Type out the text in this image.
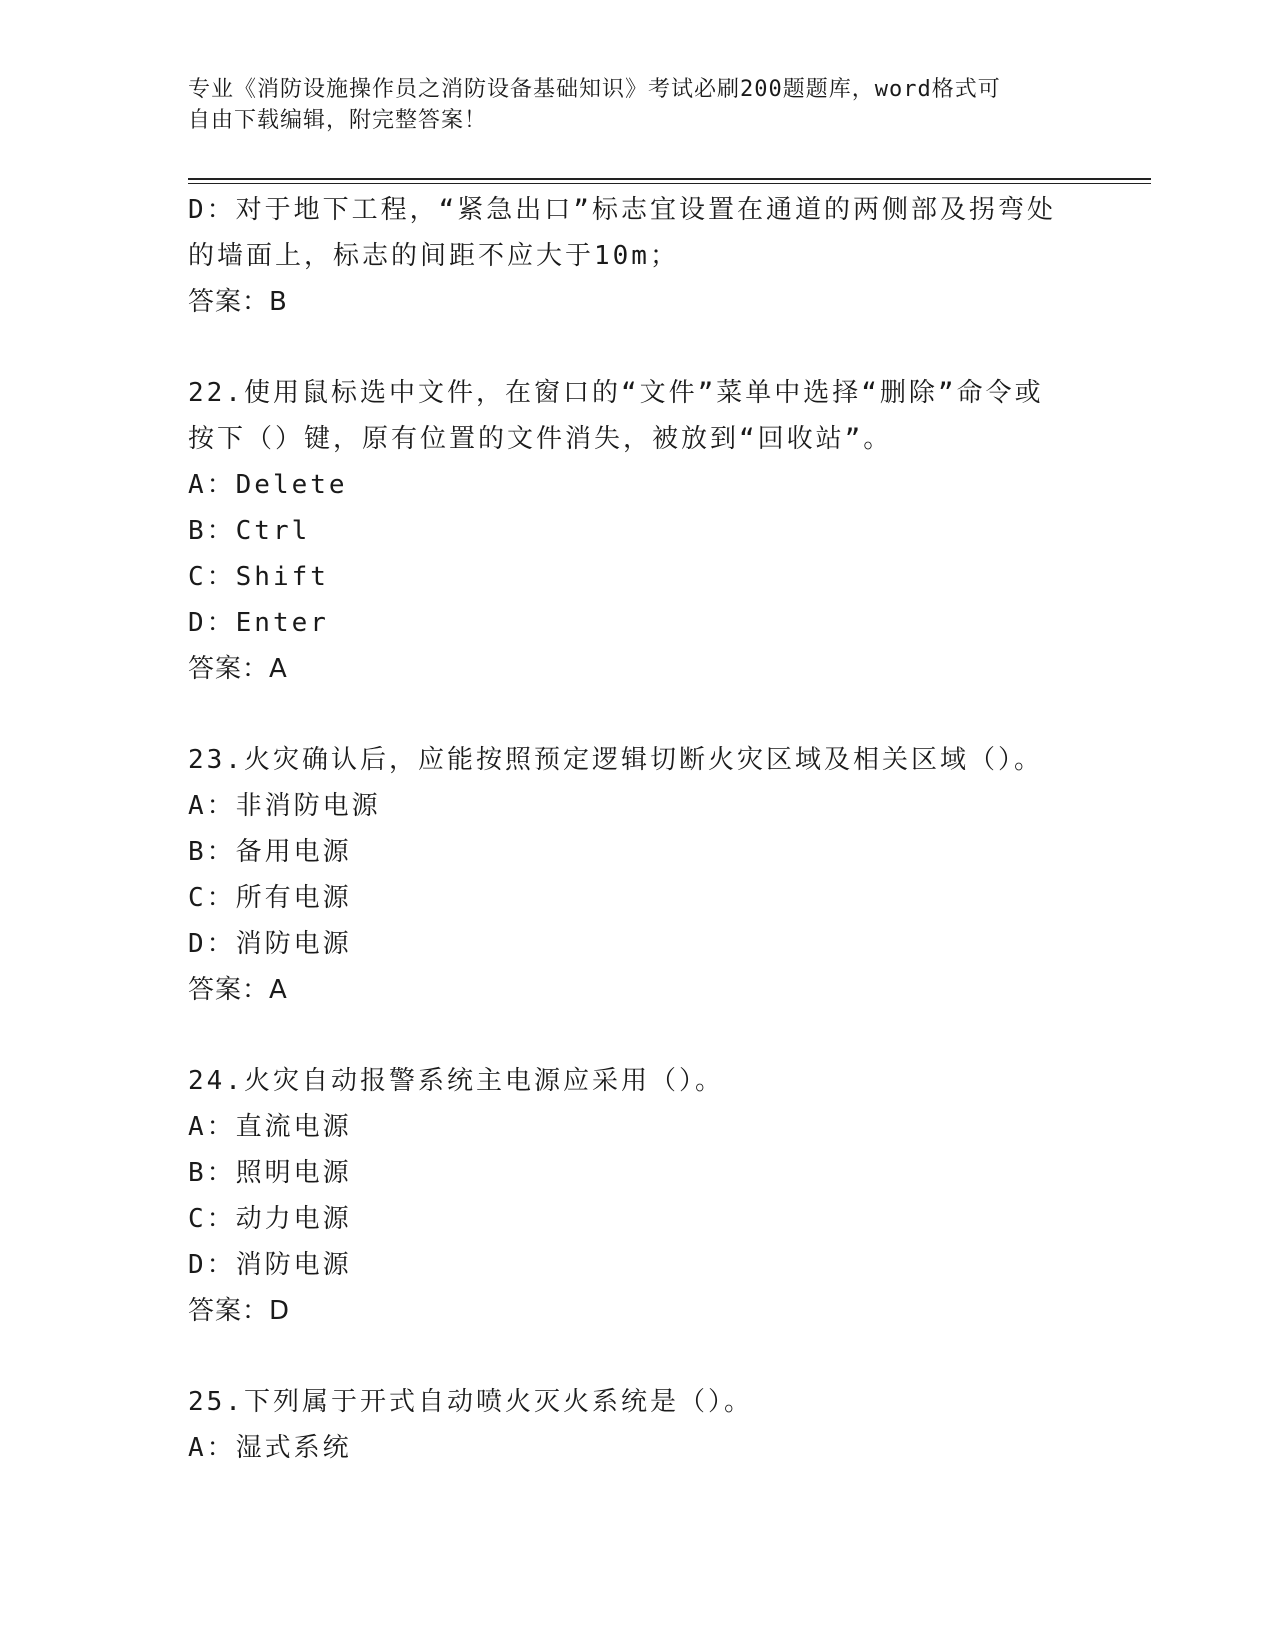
专业《消防设施操作员之消防设备基础知识》考试必刷200题题库，word格式可
自由下载编辑，附完整答案！
D：对于地下工程，“紧急出口”标志宜设置在通道的两侧部及拐弯处
的墙面上，标志的间距不应大于10m；
答案：B
22.使用鼠标选中文件，在窗口的“文件”菜单中选择“删除”命令或
按下（）键，原有位置的文件消失，被放到“回收站”。
A：Delete
B：Ctrl
C：Shift
D：Enter
答案：A
23.火灾确认后，应能按照预定逻辑切断火灾区域及相关区域（）。
A：非消防电源
B：备用电源
C：所有电源
D：消防电源
答案：A
24.火灾自动报警系统主电源应采用（）。
A：直流电源
B：照明电源
C：动力电源
D：消防电源
答案：D
25.下列属于开式自动喷火灭火系统是（）。
A：湿式系统
